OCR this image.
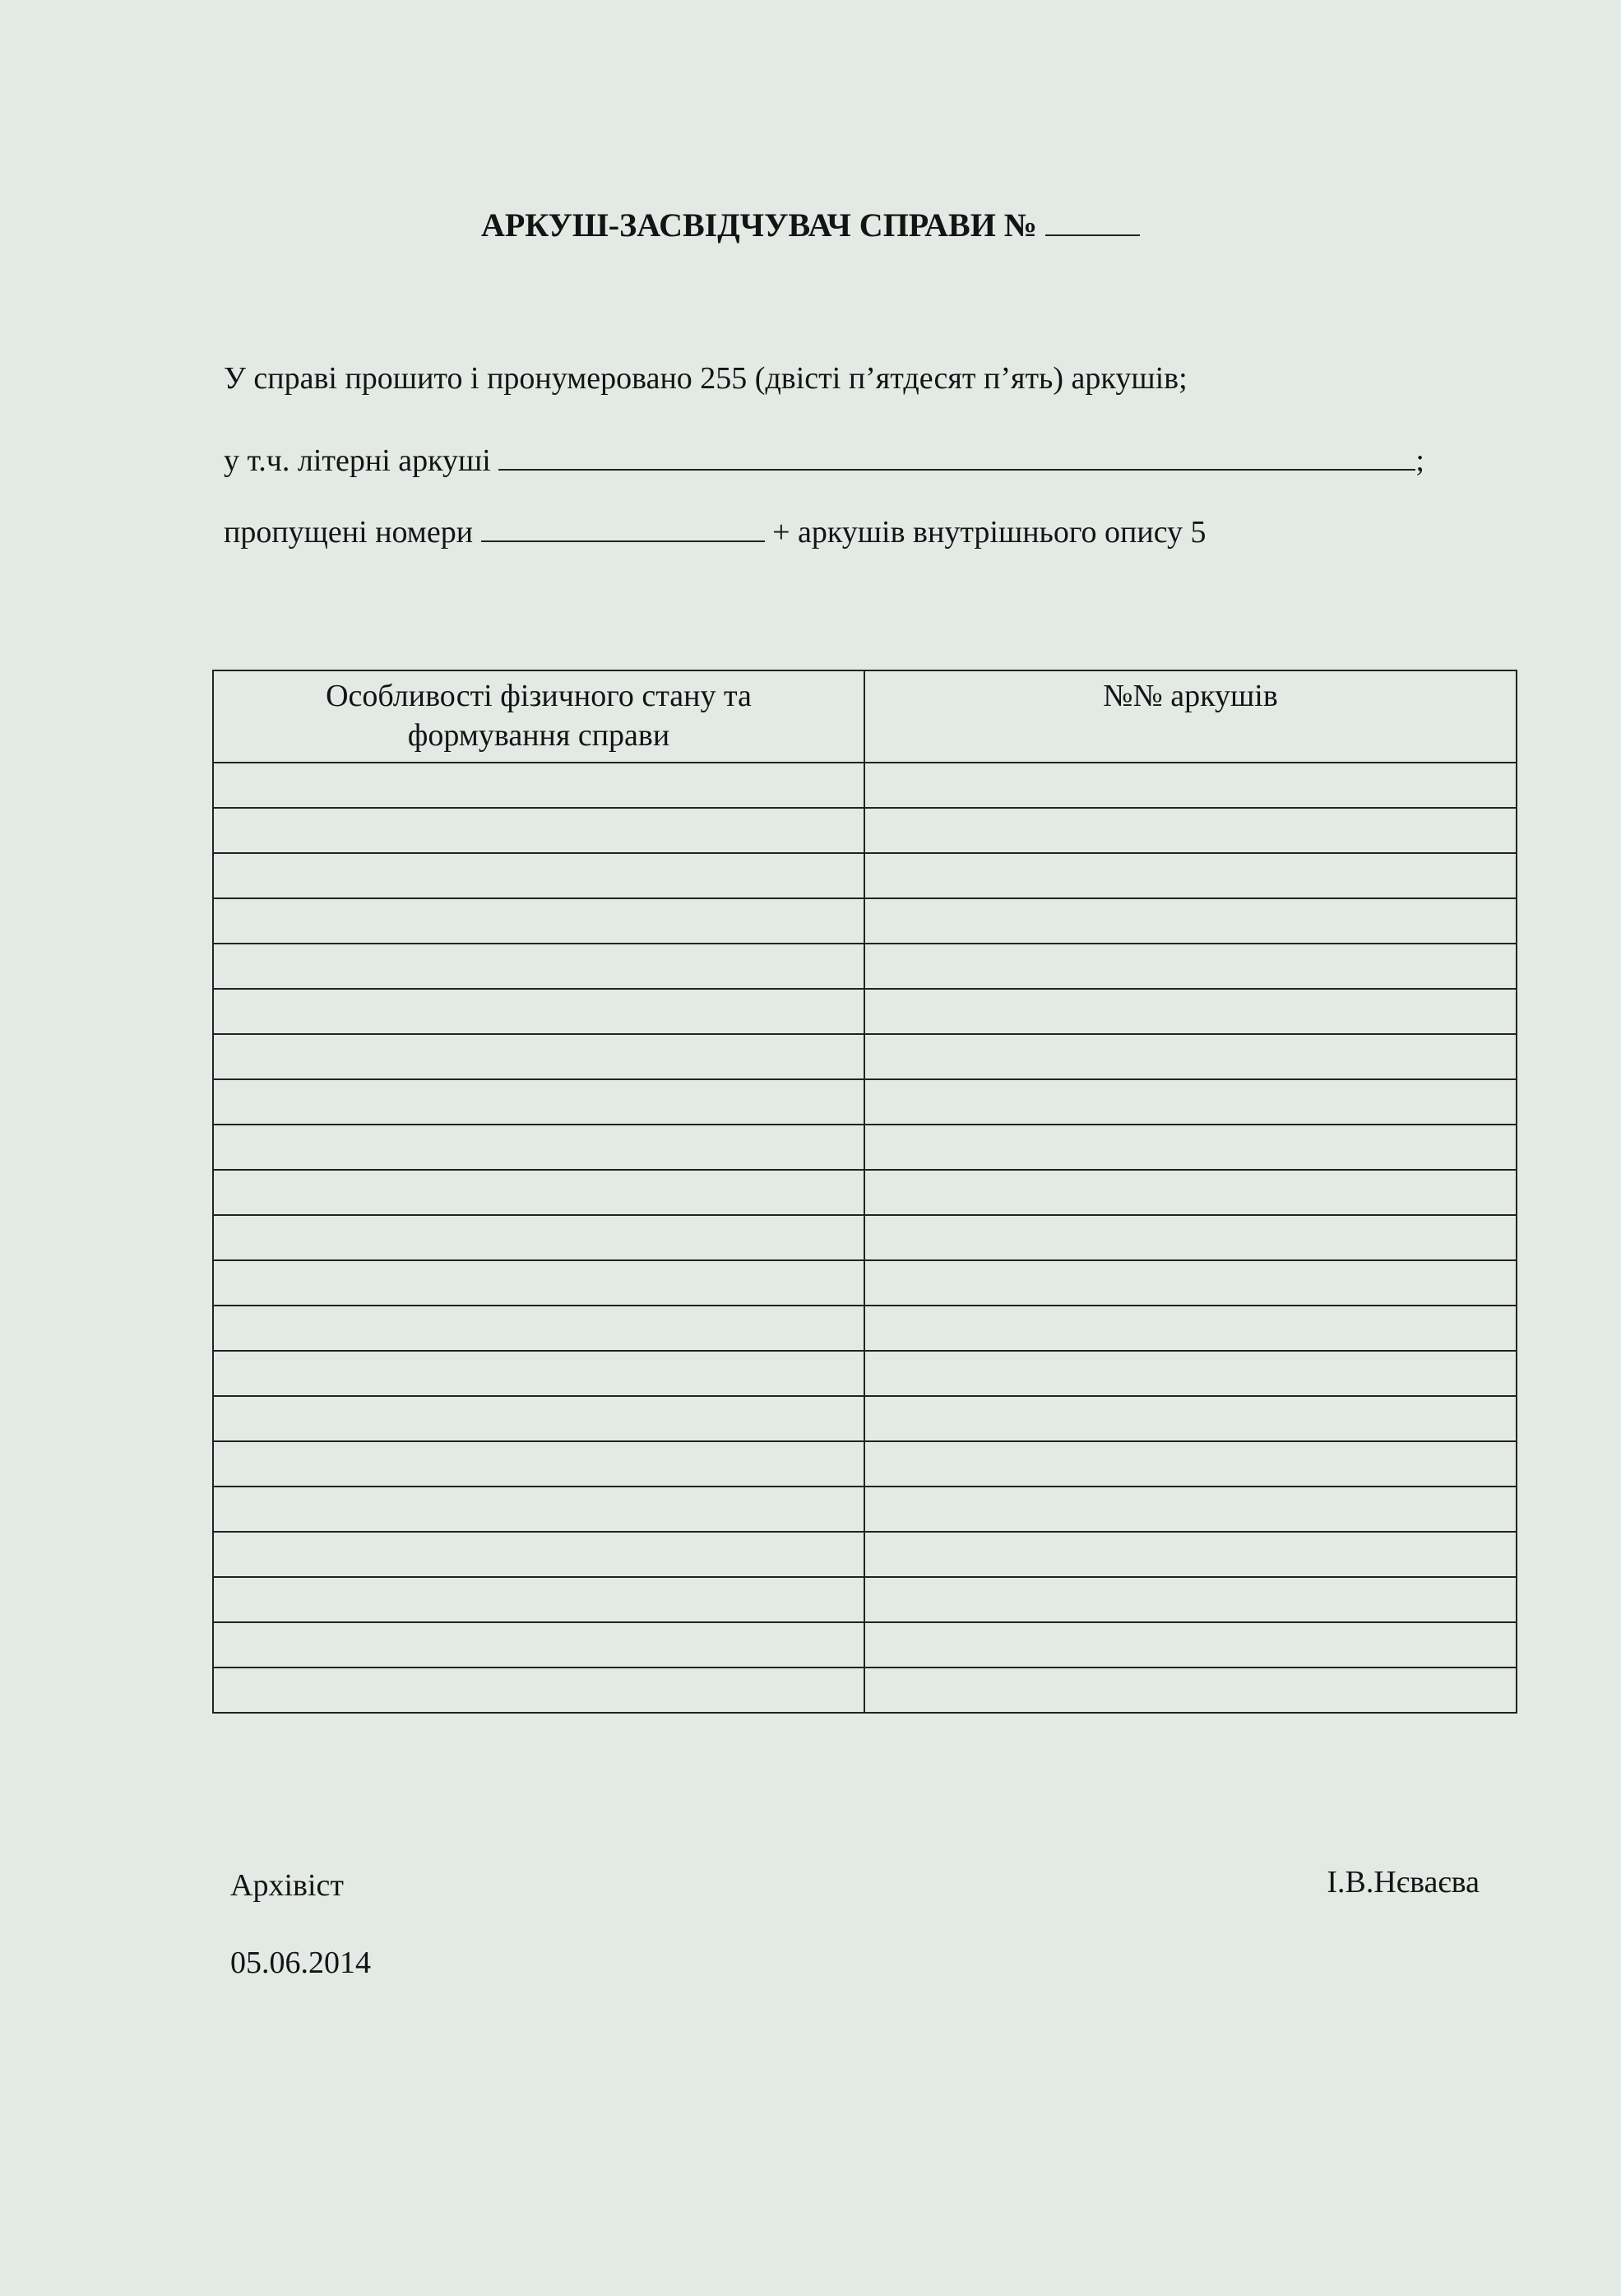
АРКУШ-ЗАСВІДЧУВАЧ СПРАВИ №
У справі прошито і пронумеровано 255 (двісті п’ятдесят п’ять) аркушів;
у т.ч. літерні аркуші	;
пропущені номери	+ аркушів внутрішнього опису 5
Особливості фізичного стану та формування справи	№№ аркушів

Архівіст
05.06.2014
І.В.Нєваєва
